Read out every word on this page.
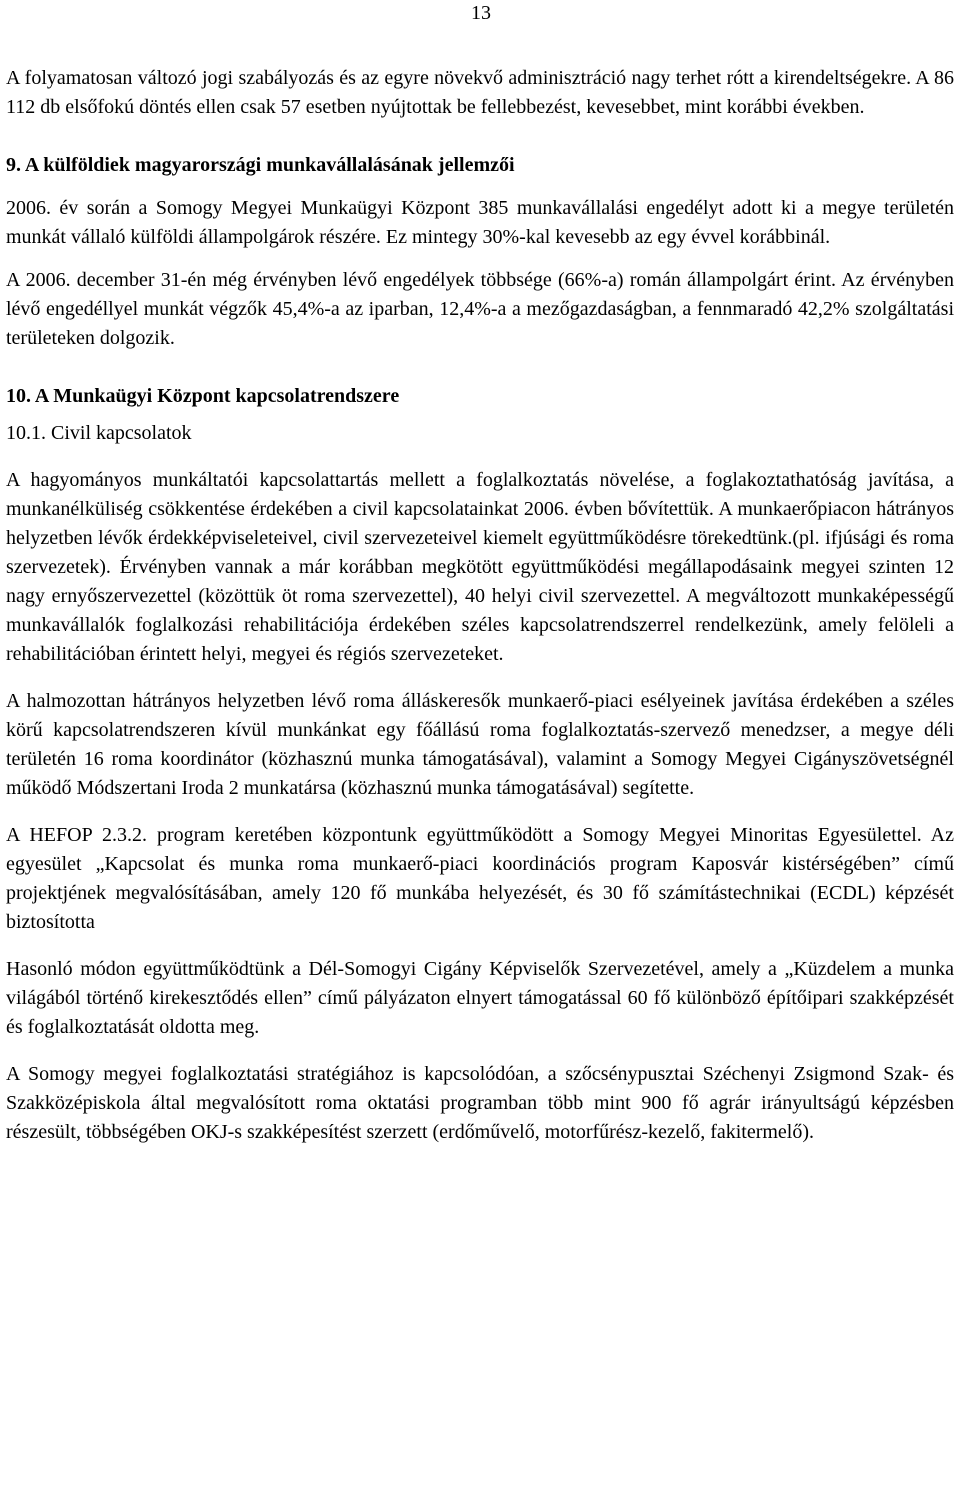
13

A folyamatosan változó jogi szabályozás és az egyre növekvő adminisztráció nagy terhet rótt a kirendeltségekre. A 86 112 db elsőfokú döntés ellen csak 57 esetben nyújtottak be fellebbezést, kevesebbet, mint korábbi években.

9. A külföldiek magyarországi munkavállalásának jellemzői

2006. év során a Somogy Megyei Munkaügyi Központ 385 munkavállalási engedélyt adott ki a megye területén munkát vállaló külföldi állampolgárok részére. Ez mintegy 30%-kal kevesebb az egy évvel korábbinál.

A 2006. december 31-én még érvényben lévő engedélyek többsége (66%-a) román állampolgárt érint. Az érvényben lévő engedéllyel munkát végzők 45,4%-a az iparban, 12,4%-a a mezőgazdaságban, a fennmaradó 42,2% szolgáltatási területeken dolgozik.

10. A Munkaügyi Központ kapcsolatrendszere
10.1. Civil kapcsolatok

A hagyományos munkáltatói kapcsolattartás mellett a foglalkoztatás növelése, a foglakoztathatóság javítása, a munkanélküliség csökkentése érdekében a civil kapcsolatainkat 2006. évben bővítettük. A munkaerőpiacon hátrányos helyzetben lévők érdekképviseleteivel, civil szervezeteivel kiemelt együttműködésre törekedtünk.(pl. ifjúsági és roma szervezetek). Érvényben vannak a már korábban megkötött együttműködési megállapodásaink megyei szinten 12 nagy ernyőszervezettel (közöttük öt roma szervezettel), 40 helyi civil szervezettel. A megváltozott munkaképességű munkavállalók foglalkozási rehabilitációja érdekében széles kapcsolatrendszerrel rendelkezünk, amely felöleli a rehabilitációban érintett helyi, megyei és régiós szervezeteket.

A halmozottan hátrányos helyzetben lévő roma álláskeresők munkaerő-piaci esélyeinek javítása érdekében a széles körű kapcsolatrendszeren kívül munkánkat egy főállású roma foglalkoztatás-szervező menedzser, a megye déli területén 16 roma koordinátor (közhasznú munka támogatásával), valamint a Somogy Megyei Cigányszövetségnél működő Módszertani Iroda 2 munkatársa (közhasznú munka támogatásával) segítette.

A HEFOP 2.3.2. program keretében központunk együttműködött a Somogy Megyei Minoritas Egyesülettel. Az egyesület „Kapcsolat és munka roma munkaerő-piaci koordinációs program Kaposvár kistérségében” című projektjének megvalósításában, amely 120 fő munkába helyezését, és 30 fő számítástechnikai (ECDL) képzését biztosította

Hasonló módon együttműködtünk a Dél-Somogyi Cigány Képviselők Szervezetével, amely a „Küzdelem a munka világából történő kirekesztődés ellen” című pályázaton elnyert támogatással 60 fő különböző építőipari szakképzését és foglalkoztatását oldotta meg.

A Somogy megyei foglalkoztatási stratégiához is kapcsolódóan, a szőcsénypusztai Széchenyi Zsigmond Szak- és Szakközépiskola által megvalósított roma oktatási programban több mint 900 fő agrár irányultságú képzésben részesült, többségében OKJ-s szakképesítést szerzett (erdőművelő, motorfűrész-kezelő, fakitermelő).
